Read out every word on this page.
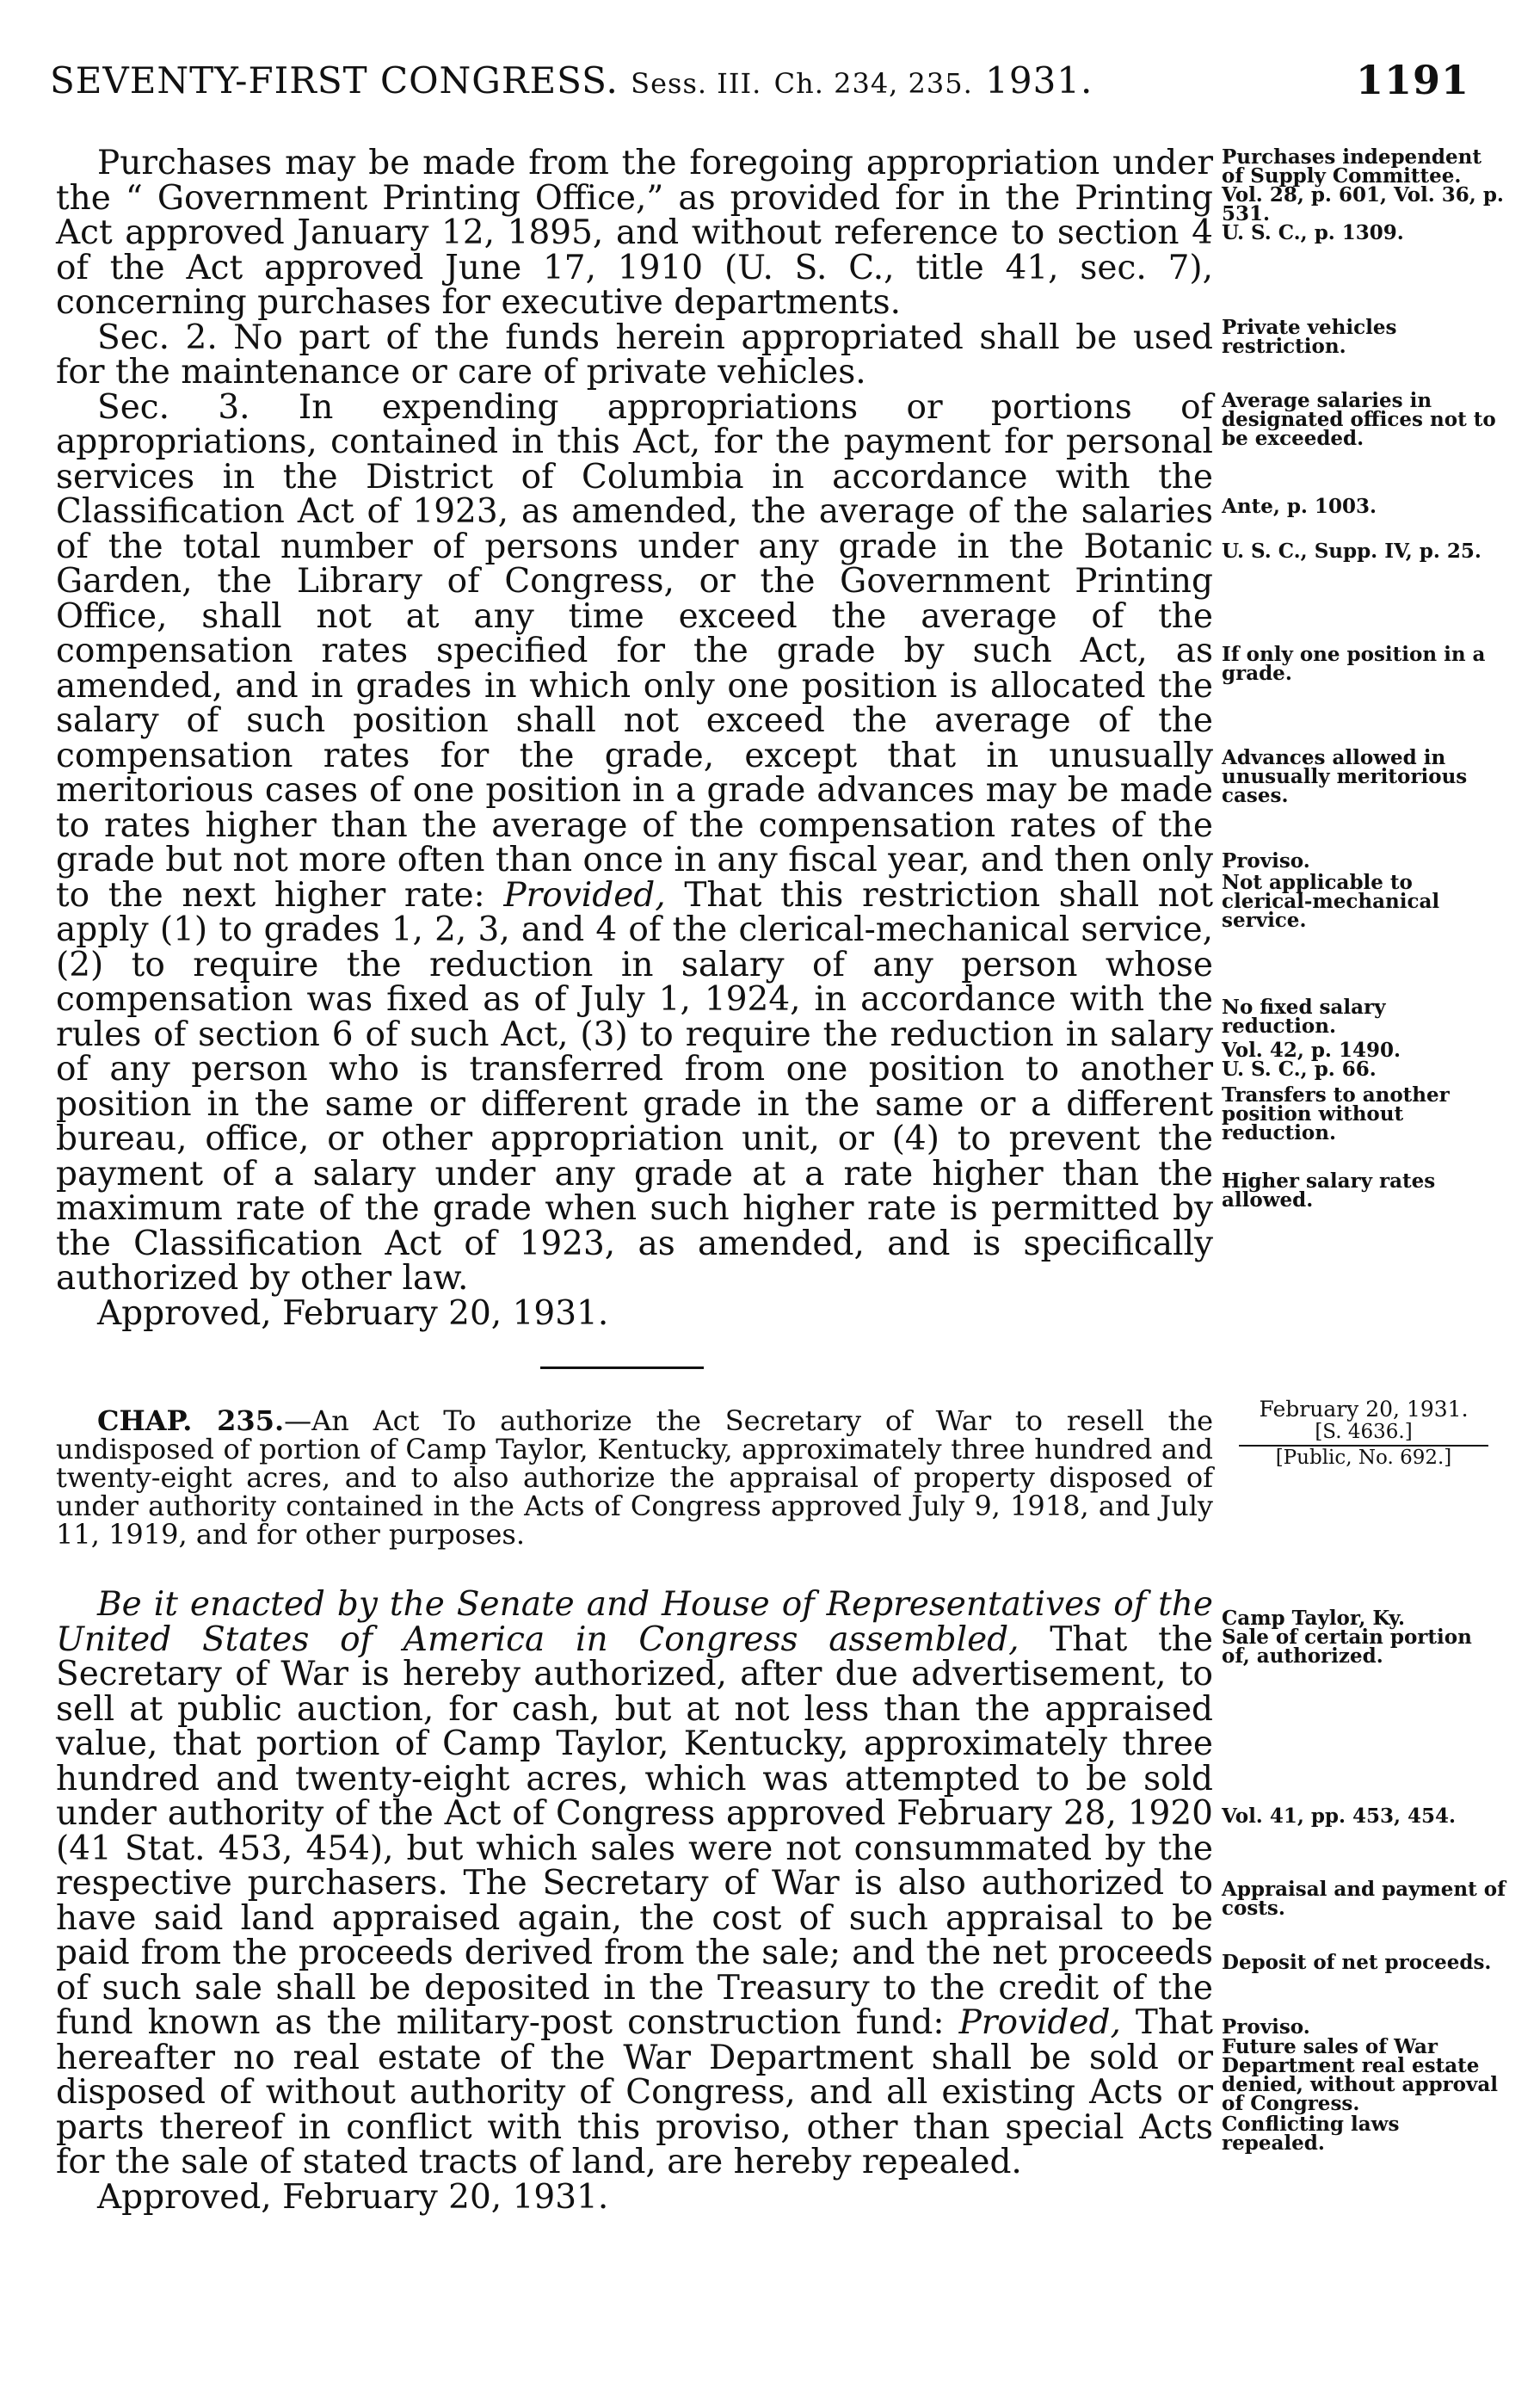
SEVENTY-FIRST CONGRESS. Sess. III. Ch. 234, 235. 1931.	1191

Purchases may be made from the foregoing appropriation under the “ Government Printing Office,” as provided for in the Printing Act approved January 12, 1895, and without reference to section 4 of the Act approved June 17, 1910 (U. S. C., title 41, sec. 7), concerning purchases for executive departments.

Sec. 2. No part of the funds herein appropriated shall be used for the maintenance or care of private vehicles.

Sec. 3. In expending appropriations or portions of appropriations, contained in this Act, for the payment for personal services in the District of Columbia in accordance with the Classification Act of 1923, as amended, the average of the salaries of the total number of persons under any grade in the Botanic Garden, the Library of Congress, or the Government Printing Office, shall not at any time exceed the average of the compensation rates specified for the grade by such Act, as amended, and in grades in which only one position is allocated the salary of such position shall not exceed the average of the compensation rates for the grade, except that in unusually meritorious cases of one position in a grade advances may be made to rates higher than the average of the compensation rates of the grade but not more often than once in any fiscal year, and then only to the next higher rate: Provided, That this restriction shall not apply (1) to grades 1, 2, 3, and 4 of the clerical-mechanical service, (2) to require the reduction in salary of any person whose compensation was fixed as of July 1, 1924, in accordance with the rules of section 6 of such Act, (3) to require the reduction in salary of any person who is transferred from one position to another position in the same or different grade in the same or a different bureau, office, or other appropriation unit, or (4) to prevent the payment of a salary under any grade at a rate higher than the maximum rate of the grade when such higher rate is permitted by the Classification Act of 1923, as amended, and is specifically authorized by other law.

Approved, February 20, 1931.

Purchases independent of Supply Committee.
Vol. 28, p. 601, Vol. 36, p. 531.
U. S. C., p. 1309.
Private vehicles restriction.
Average salaries in designated offices not to be exceeded.
Ante, p. 1003.
U. S. C., Supp. IV, p. 25.
If only one position in a grade.
Advances allowed in unusually meritorious cases.
Proviso.
Not applicable to clerical-mechanical service.
No fixed salary reduction.
Vol. 42, p. 1490.
U. S. C., p. 66.
Transfers to another position without reduction.
Higher salary rates allowed.
February 20, 1931.
[S. 4636.]
[Public, No. 692.]

CHAP. 235.—An Act To authorize the Secretary of War to resell the undisposed of portion of Camp Taylor, Kentucky, approximately three hundred and twenty-eight acres, and to also authorize the appraisal of property disposed of under authority contained in the Acts of Congress approved July 9, 1918, and July 11, 1919, and for other purposes.

Be it enacted by the Senate and House of Representatives of the United States of America in Congress assembled, That the Secretary of War is hereby authorized, after due advertisement, to sell at public auction, for cash, but at not less than the appraised value, that portion of Camp Taylor, Kentucky, approximately three hundred and twenty-eight acres, which was attempted to be sold under authority of the Act of Congress approved February 28, 1920 (41 Stat. 453, 454), but which sales were not consummated by the respective purchasers. The Secretary of War is also authorized to have said land appraised again, the cost of such appraisal to be paid from the proceeds derived from the sale; and the net proceeds of such sale shall be deposited in the Treasury to the credit of the fund known as the military-post construction fund: Provided, That hereafter no real estate of the War Department shall be sold or disposed of without authority of Congress, and all existing Acts or parts thereof in conflict with this proviso, other than special Acts for the sale of stated tracts of land, are hereby repealed.

Approved, February 20, 1931.

Camp Taylor, Ky.
Sale of certain portion of, authorized.
Vol. 41, pp. 453, 454.
Appraisal and payment of costs.
Deposit of net proceeds.
Proviso.
Future sales of War Department real estate denied, without approval of Congress.
Conflicting laws repealed.
